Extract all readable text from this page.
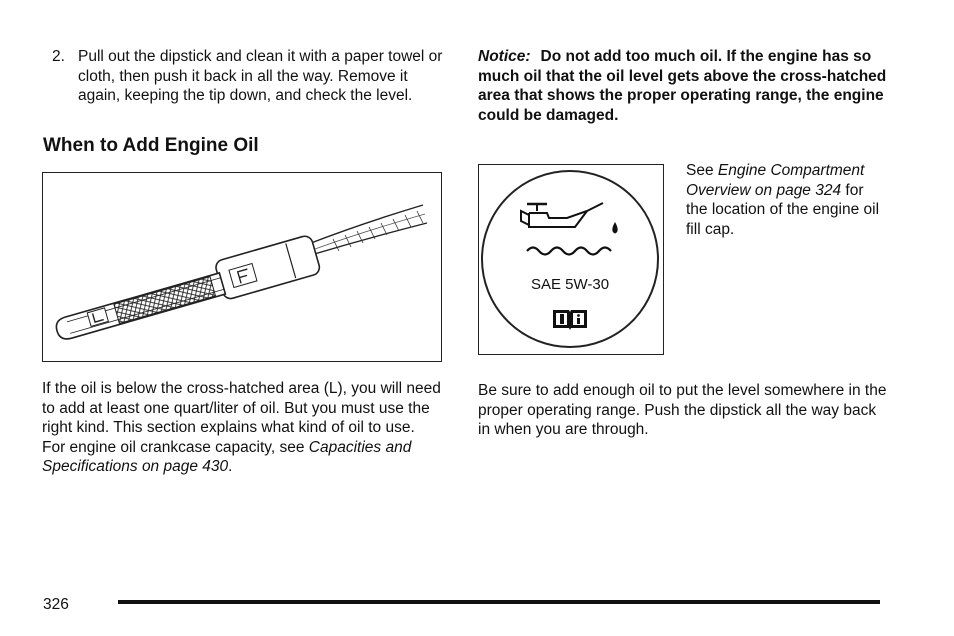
2. Pull out the dipstick and clean it with a paper towel or cloth, then push it back in all the way. Remove it again, keeping the tip down, and check the level.
When to Add Engine Oil
If the oil is below the cross-hatched area (L), you will need to add at least one quart/liter of oil. But you must use the right kind. This section explains what kind of oil to use. For engine oil crankcase capacity, see Capacities and Specifications on page 430.
Notice: Do not add too much oil. If the engine has so much oil that the oil level gets above the cross-hatched area that shows the proper operating range, the engine could be damaged.
SAE 5W-30
See Engine Compartment Overview on page 324 for the location of the engine oil fill cap.
Be sure to add enough oil to put the level somewhere in the proper operating range. Push the dipstick all the way back in when you are through.
326
